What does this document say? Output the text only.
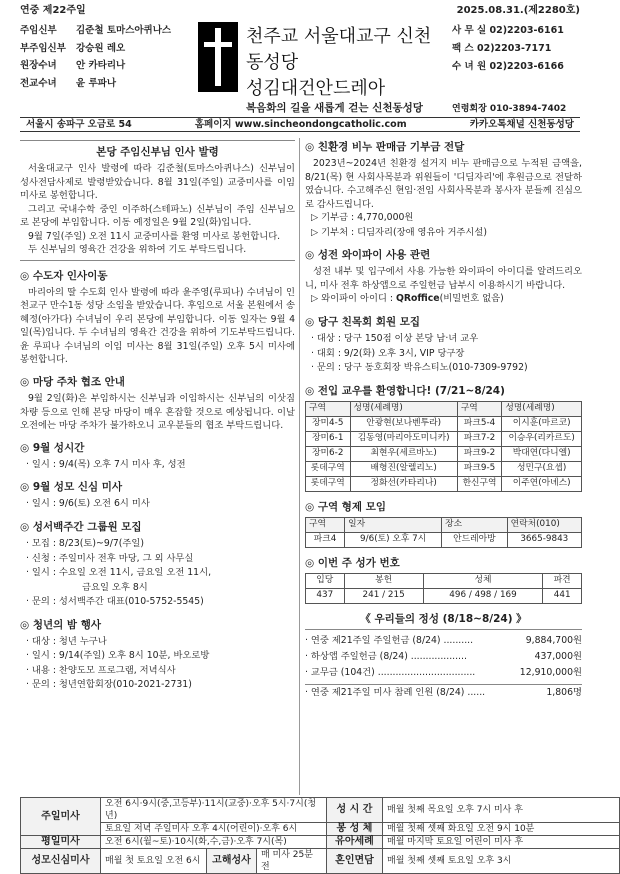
연중 제22주일	2025.08.31.(제2280호)
주임신부 김준철 토마스아퀴나스
부주임신부 강승원 레오
원장수녀 안 카타리나
전교수녀 윤 루파나
천주교 서울대교구 신천동성당
성김대건안드레아
사 무 실 02)2203-6161
팩 스 02)2203-7171
수 녀 원 02)2203-6166
복음화의 길을 새롭게 걷는 신천동성당	연령회장 010-3894-7402
서울시 송파구 오금로 54	홈페이지 www.sincheondongcatholic.com	카카오톡채널 신천동성당
본당 주임신부님 인사 발령

서울대교구 인사 발령에 따라 김준철(토마스아퀴나스) 신부님이 성사전담사제로 발령받았습니다. 8월 31일(주일) 교중미사를 이임미사로 봉헌합니다.

그리고 국내수학 중인 이주하(스테파노) 신부님이 주임 신부님으로 본당에 부임합니다. 이동 예정일은 9월 2일(화)입니다.

9월 7일(주일) 오전 11시 교중미사를 환영 미사로 봉헌합니다.

두 신부님의 영육간 건강을 위하여 기도 부탁드립니다.

◎ 수도자 인사이동

마리아의 딸 수도회 인사 발령에 따라 윤주영(루피나) 수녀님이 인천교구 만수1동 성당 소임을 받았습니다. 후임으로 서울 본원에서 송혜정(아가다) 수녀님이 우리 본당에 부임합니다. 이동 일자는 9월 4일(목)입니다. 두 수녀님의 영육간 건강을 위하여 기도부탁드립니다. 윤 루피나 수녀님의 이임 미사는 8월 31일(주일) 오후 5시 미사에 봉헌합니다.

◎ 마당 주차 협조 안내

9월 2일(화)은 부임하시는 신부님과 이임하시는 신부님의 이삿짐 차량 등으로 인해 본당 마당이 매우 혼잡할 것으로 예상됩니다. 이날 오전에는 마당 주차가 불가하오니 교우분들의 협조 부탁드립니다.

◎ 9월 성시간
· 일시 : 9/4(목) 오후 7시 미사 후, 성전
◎ 9월 성모 신심 미사
· 일시 : 9/6(토) 오전 6시 미사
◎ 성서백주간 그룹원 모집
· 모집 : 8/23(토)~9/7(주일)
· 신청 : 주일미사 전후 마당, 그 외 사무실
· 일시 : 수요일 오전 11시, 금요일 오전 11시,
금요일 오후 8시
· 문의 : 성서백주간 대표(010-5752-5545)
◎ 청년의 밤 행사
· 대상 : 청년 누구나
· 일시 : 9/14(주일) 오후 8시 10분, 바오로방
· 내용 : 찬양도모 프로그램, 저녁식사
· 문의 : 청년연합회장(010-2021-2731)
◎ 친환경 비누 판매금 기부금 전달

2023년~2024년 친환경 설거지 비누 판매금으로 누적된 금액을, 8/21(목) 현 사회사목분과 위원들이 '디딤자리'에 후원금으로 전달하였습니다. 수고해주신 현임·전임 사회사목분과 봉사자 분들께 진심으로 감사드립니다.

▷ 기부금 : 4,770,000원
▷ 기부처 : 디딤자리(장애 영유아 거주시설)
◎ 성전 와이파이 사용 관련

성전 내부 및 입구에서 사용 가능한 와이파이 아이디를 알려드리오니, 미사 전후 하상앱으로 주일헌금 납부시 이용하시기 바랍니다.

▷ 와이파이 아이디 : QRoffice(비밀번호 없음)
◎ 당구 친목회 회원 모집
· 대상 : 당구 150점 이상 본당 남·녀 교우
· 대회 : 9/2(화) 오후 3시, VIP 당구장
· 문의 : 당구 동호회장 박유스티노(010-7309-9792)
◎ 전입 교우를 환영합니다! (7/21~8/24)
구역	성명(세례명)	구역	성명(세례명)
장미4-5	안광현(보나벤투라)	파크5-4	이시훈(마르코)
장미6-1	김동영(마리아도미니카)	파크7-2	이승우(리카르도)
장미6-2	최현우(세르바노)	파크9-2	박대연(다니엘)
롯데구역	배형진(알렐리노)	파크9-5	성민구(요셉)
롯데구역	정화선(카타리나)	한신구역	이주연(아녜스)
◎ 구역 형제 모임
구역	일자	장소	연락처(010)
파크4	9/6(토) 오후 7시	안드레아방	3665-9843
◎ 이번 주 성가 번호
입당	봉헌	성체	파견
437	241 / 215	496 / 498 / 169	441
《 우리들의 정성 (8/18~8/24) 》
· 연중 제21주일 주일헌금 (8/24) ..........	9,884,700원
· 하상앱 주일헌금 (8/24) ...................	437,000원
· 교무금 (104건) .................................	12,910,000원
· 연중 제21주일 미사 참례 인원 (8/24) ......	1,806명
주일미사	오전 6시·9시(중,고등부)·11시(교중)·오후 5시·7시(청년)			성 시 간	매월 첫째 목요일 오후 7시 미사 후
	토요일 저녁 주일미사 오후 4시(어린이)·오후 6시			봉 성 체	매월 첫째 셋째 화요일 오전 9시 10분
평일미사	오전 6시(월~토)·10시(화,수,금)·오후 7시(목)			유아세례	매월 마지막 토요일 어린이 미사 후
성모신심미사	매월 첫 토요일 오전 6시	고해성사	매 미사 25분 전	혼인면담	매월 첫째 셋째 토요일 오후 3시
